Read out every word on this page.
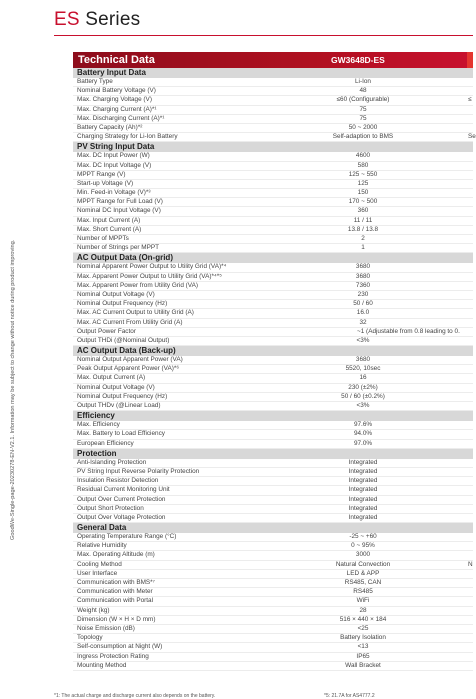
ES Series
GoodWe-Single-page-20230278-EN-V2.1. Information may be subject to change without notice during product improving.
Technical Data	GW3648D-ES
Battery Input Data
Battery Type	Li-Ion
Nominal Battery Voltage (V)	48
Max. Charging Voltage (V)	≤60 (Configurable)	≤
Max. Charging Current (A)*¹	75
Max. Discharging Current (A)*¹	75
Battery Capacity (Ah)*²	50 ~ 2000
Charging Strategy for Li-Ion Battery	Self-adaption to BMS	Se
PV String Input Data
Max. DC Input Power (W)	4600
Max. DC Input Voltage (V)	580
MPPT Range (V)	125 ~ 550
Start-up Voltage (V)	125
Min. Feed-in Voltage (V)*³	150
MPPT Range for Full Load (V)	170 ~ 500
Nominal DC Input Voltage (V)	360
Max. Input Current (A)	11 / 11
Max. Short Current (A)	13.8 / 13.8
Number of MPPTs	2
Number of Strings per MPPT	1
AC Output Data (On-grid)
Nominal Apparent Power Output to Utility Grid (VA)*⁴	3680
Max. Apparent Power Output to Utility Grid (VA)*⁴*⁵	3680
Max. Apparent Power from Utility Grid (VA)	7360
Nominal Output Voltage (V)	230
Nominal Output Frequency (Hz)	50 / 60
Max. AC Current Output to Utility Grid (A)	16.0
Max. AC Current From Utility Grid (A)	32
Output Power Factor	~1 (Adjustable from 0.8 leading to 0.
Output THDi (@Nominal Output)	<3%
AC Output Data (Back-up)
Nominal Output Apparent Power (VA)	3680
Peak Output Apparent Power (VA)*⁶	5520, 10sec
Max. Output Current (A)	16
Nominal Output Voltage (V)	230 (±2%)
Nominal Output Frequency (Hz)	50 / 60 (±0.2%)
Output THDv (@Linear Load)	<3%
Efficiency
Max. Efficiency	97.6%
Max. Battery to Load Efficiency	94.0%
European Efficiency	97.0%
Protection
Anti-Islanding Protection	Integrated
PV String Input Reverse Polarity Protection	Integrated
Insulation Resistor Detection	Integrated
Residual Current Monitoring Unit	Integrated
Output Over Current Protection	Integrated
Output Short Protection	Integrated
Output Over Voltage Protection	Integrated
General Data
Operating Temperature Range (°C)	-25 ~ +60
Relative Humidity	0 ~ 95%
Max. Operating Altitude (m)	3000
Cooling Method	Natural Convection	N
User Interface	LED & APP
Communication with BMS*⁷	RS485, CAN
Communication with Meter	RS485
Communication with Portal	WiFi
Weight (kg)	28
Dimension (W × H × D mm)	516 × 440 × 184
Noise Emission (dB)	<25
Topology	Battery Isolation
Self-consumption at Night (W)	<13
Ingress Protection Rating	IP65
Mounting Method	Wall Bracket
*1: The actual charge and discharge current also depends on the battery.	*5: 21.7A for AS4777.2
